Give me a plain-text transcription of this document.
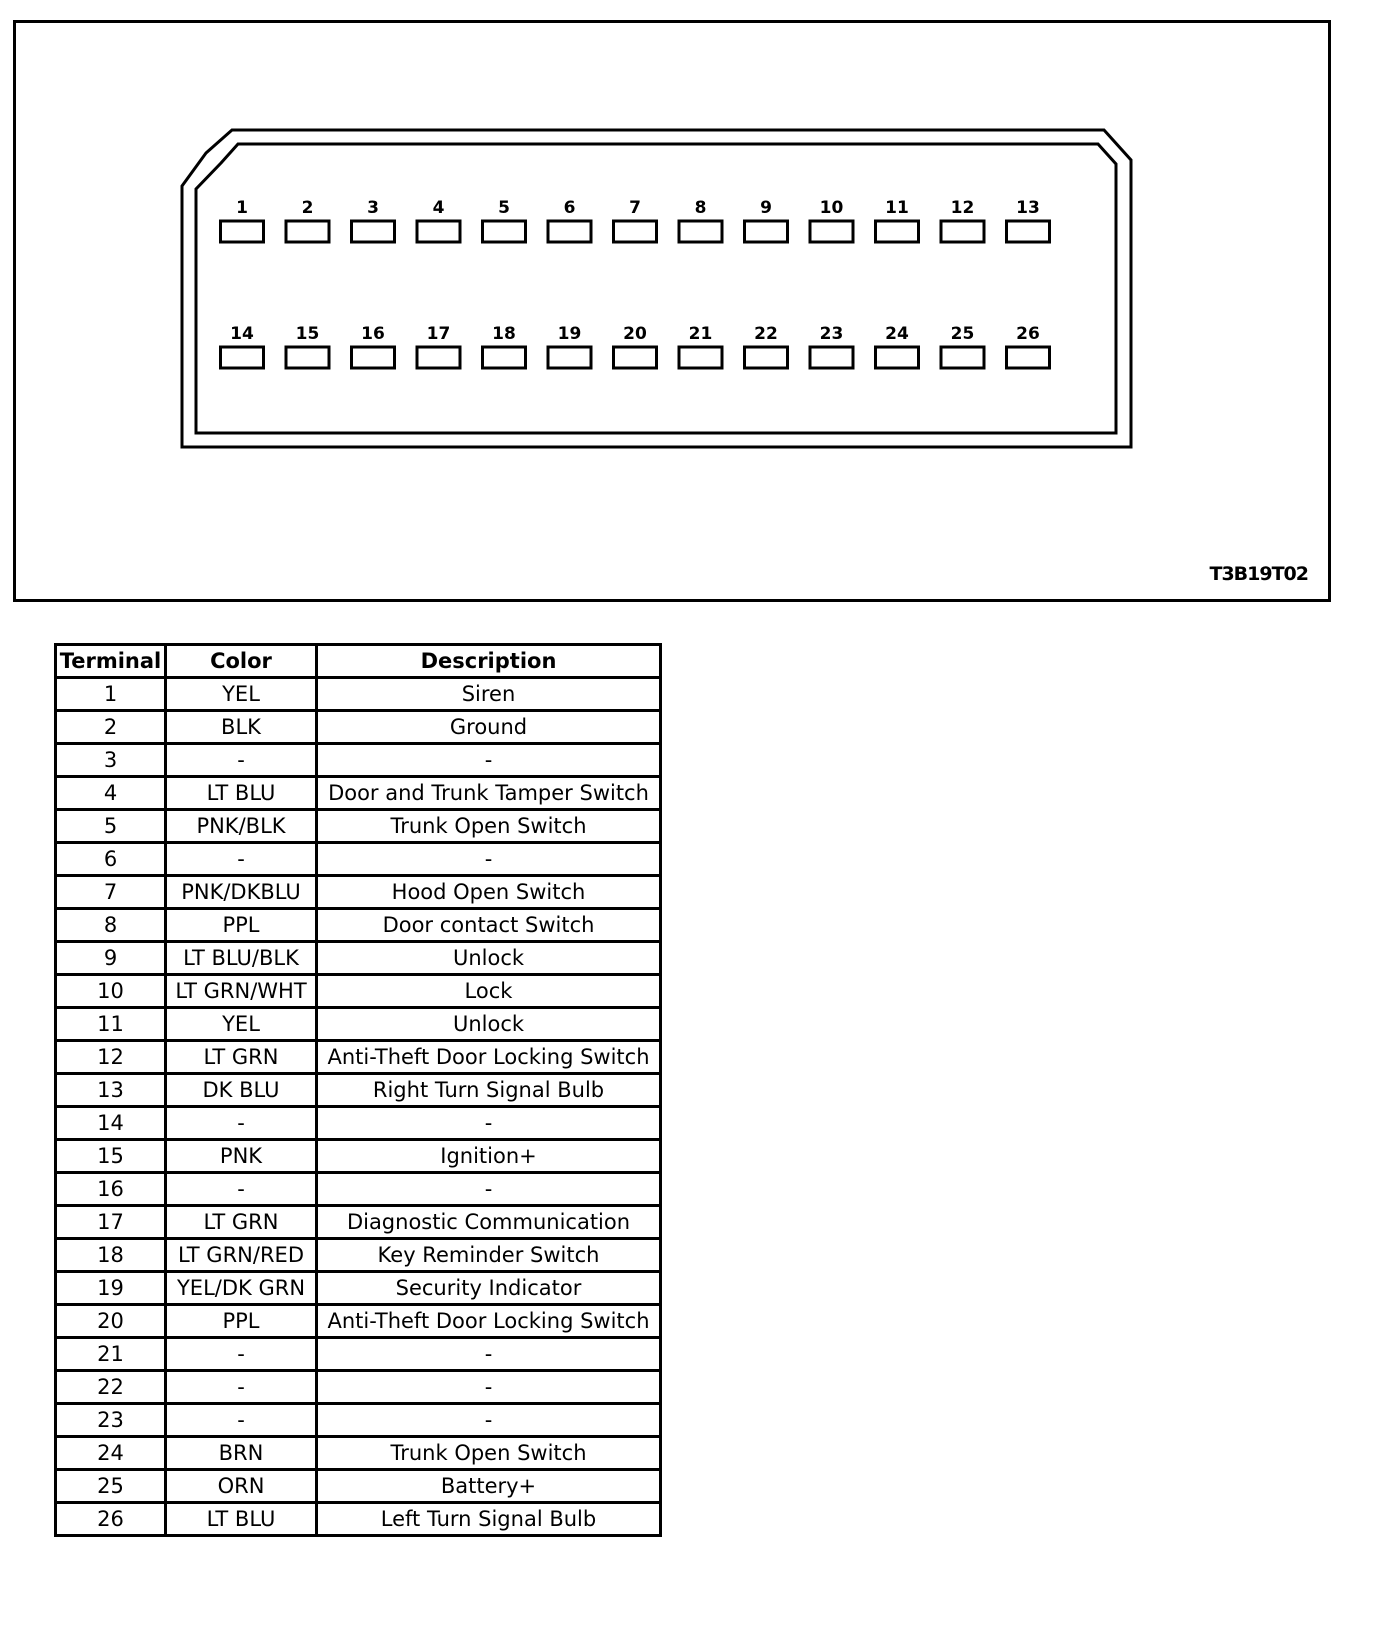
1	2	3	4	5	6	7	8	9	10 11 12 13
14 15 16 17 18 19 20 21 22 23 24 25 26
T3B19T02
Terminal	Color	Description
1	YEL	Siren
2	BLK	Ground
3	-	-
4	LT BLU	Door and Trunk Tamper Switch
5	PNK/BLK	Trunk Open Switch
6	-	-
7	PNK/DKBLU	Hood Open Switch
8	PPL	Door contact Switch
9	LT BLU/BLK	Unlock
10	LT GRN/WHT	Lock
11	YEL	Unlock
12	LT GRN	Anti-Theft Door Locking Switch
13	DK BLU	Right Turn Signal Bulb
14	-	-
15	PNK	Ignition+
16	-	-
17	LT GRN	Diagnostic Communication
18	LT GRN/RED	Key Reminder Switch
19	YEL/DK GRN	Security Indicator
20	PPL	Anti-Theft Door Locking Switch
21	-	-
22	-	-
23	-	-
24	BRN	Trunk Open Switch
25	ORN	Battery+
26	LT BLU	Left Turn Signal Bulb
